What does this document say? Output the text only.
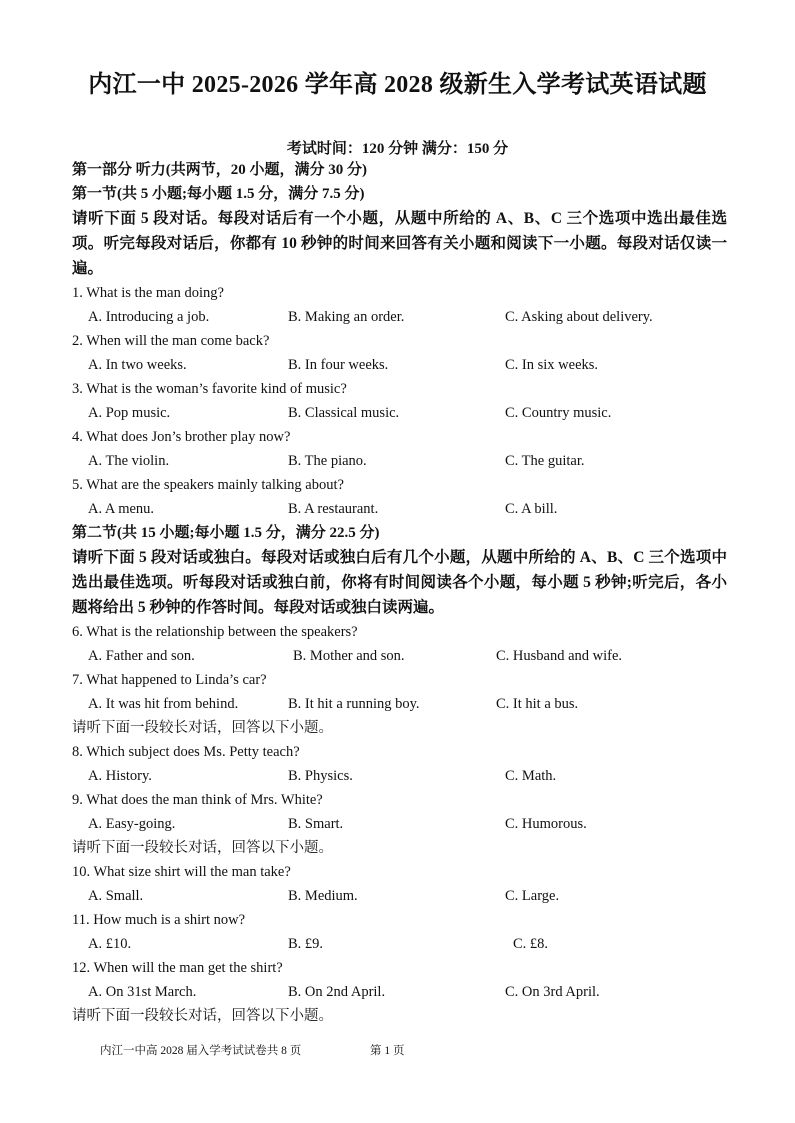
内江一中 2025-2026 学年高 2028 级新生入学考试英语试题
考试时间：120 分钟 满分：150 分
第一部分 听力(共两节，20 小题，满分 30 分)
第一节(共 5 小题;每小题 1.5 分，满分 7.5 分)
请听下面 5 段对话。每段对话后有一个小题，从题中所给的 A、B、C 三个选项中选出最佳选项。听完每段对话后，你都有 10 秒钟的时间来回答有关小题和阅读下一小题。每段对话仅读一遍。
1. What is the man doing?
A. Introducing a job.	B. Making an order.	C. Asking about delivery.
2. When will the man come back?
A. In two weeks.	B. In four weeks.	C. In six weeks.
3. What is the woman’s favorite kind of music?
A. Pop music.	B. Classical music.	C. Country music.
4. What does Jon’s brother play now?
A. The violin.	B. The piano.	C. The guitar.
5. What are the speakers mainly talking about?
A. A menu.	B. A restaurant.	C. A bill.
第二节(共 15 小题;每小题 1.5 分，满分 22.5 分)
请听下面 5 段对话或独白。每段对话或独白后有几个小题，从题中所给的 A、B、C 三个选项中选出最佳选项。听每段对话或独白前，你将有时间阅读各个小题，每小题 5 秒钟;听完后，各小题将给出 5 秒钟的作答时间。每段对话或独白读两遍。
6. What is the relationship between the speakers?
A. Father and son.	B. Mother and son.	C. Husband and wife.
7. What happened to Linda’s car?
A. It was hit from behind.	B. It hit a running boy.	C. It hit a bus.
请听下面一段较长对话，回答以下小题。
8. Which subject does Ms. Petty teach?
A. History.	B. Physics.	C. Math.
9. What does the man think of Mrs. White?
A. Easy-going.	B. Smart.	C. Humorous.
请听下面一段较长对话，回答以下小题。
10. What size shirt will the man take?
A. Small.	B. Medium.	C. Large.
11. How much is a shirt now?
A. £10.	B. £9.	C. £8.
12. When will the man get the shirt?
A. On 31st March.	B. On 2nd April.	C. On 3rd April.
请听下面一段较长对话，回答以下小题。
内江一中高 2028 届入学考试试卷共 8 页	第 1 页
